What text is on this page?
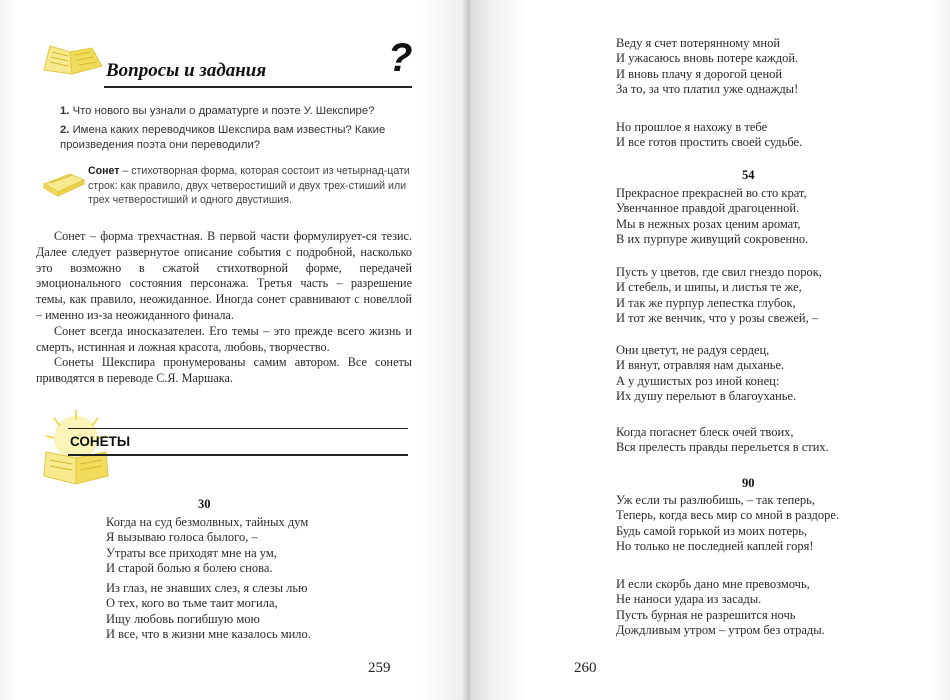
Вопросы и задания	?

1. Что нового вы узнали о драматурге и поэте У. Шекспире?

2. Имена каких переводчиков Шекспира вам известны? Какие произведения поэта они переводили?

Сонет – стихотворная форма, которая состоит из четырнад-цати строк: как правило, двух четверостиший и двух трех-стиший или трех четверостиший и одного двустишия.

Сонет – форма трехчастная. В первой части формулирует-ся тезис. Далее следует развернутое описание события с подробной, насколько это возможно в сжатой стихотворной форме, передачей эмоционального состояния персонажа. Третья часть – разрешение темы, как правило, неожиданное. Иногда сонет сравнивают с новеллой – именно из-за неожиданного финала.

Сонет всегда иносказателен. Его темы – это прежде всего жизнь и смерть, истинная и ложная красота, любовь, творчество.

Сонеты Шекспира пронумерованы самим автором. Все сонеты приводятся в переводе С.Я. Маршака.

СОНЕТЫ
30
Когда на суд безмолвных, тайных дум
Я вызываю голоса былого, –
Утраты все приходят мне на ум,
И старой болью я болею снова.
Из глаз, не знавших слез, я слезы лью
О тех, кого во тьме таит могила,
Ищу любовь погибшую мою
И все, что в жизни мне казалось мило.
259
Веду я счет потерянному мной
И ужасаюсь вновь потере каждой.
И вновь плачу я дорогой ценой
За то, за что платил уже однажды!
Но прошлое я нахожу в тебе
И все готов простить своей судьбе.
54
Прекрасное прекрасней во сто крат,
Увенчанное правдой драгоценной.
Мы в нежных розах ценим аромат,
В их пурпуре живущий сокровенно.
Пусть у цветов, где свил гнездо порок,
И стебель, и шипы, и листья те же,
И так же пурпур лепестка глубок,
И тот же венчик, что у розы свежей, –
Они цветут, не радуя сердец,
И вянут, отравляя нам дыханье.
А у душистых роз иной конец:
Их душу перельют в благоуханье.
Когда погаснет блеск очей твоих,
Вся прелесть правды перельется в стих.
90
Уж если ты разлюбишь, – так теперь,
Теперь, когда весь мир со мной в раздоре.
Будь самой горькой из моих потерь,
Но только не последней каплей горя!
И если скорбь дано мне превозмочь,
Не наноси удара из засады.
Пусть бурная не разрешится ночь
Дождливым утром – утром без отрады.
260
